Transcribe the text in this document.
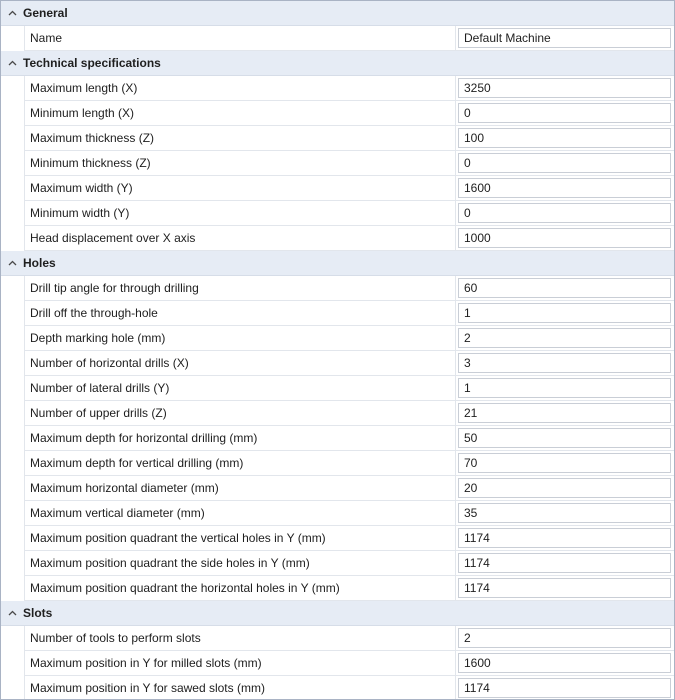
General
Name
Default Machine
Technical specifications
Maximum length (X)
3250
Minimum length (X)
0
Maximum thickness (Z)
100
Minimum thickness (Z)
0
Maximum width (Y)
1600
Minimum width (Y)
0
Head displacement over X axis
1000
Holes
Drill tip angle for through drilling
60
Drill off the through-hole
1
Depth marking hole (mm)
2
Number of horizontal drills (X)
3
Number of lateral drills (Y)
1
Number of upper drills (Z)
21
Maximum depth for horizontal drilling (mm)
50
Maximum depth for vertical drilling (mm)
70
Maximum horizontal diameter (mm)
20
Maximum vertical diameter (mm)
35
Maximum position quadrant the vertical holes in Y (mm)
1174
Maximum position quadrant the side holes in Y (mm)
1174
Maximum position quadrant the horizontal holes in Y (mm)
1174
Slots
Number of tools to perform slots
2
Maximum position in Y for milled slots (mm)
1600
Maximum position in Y for sawed slots (mm)
1174
